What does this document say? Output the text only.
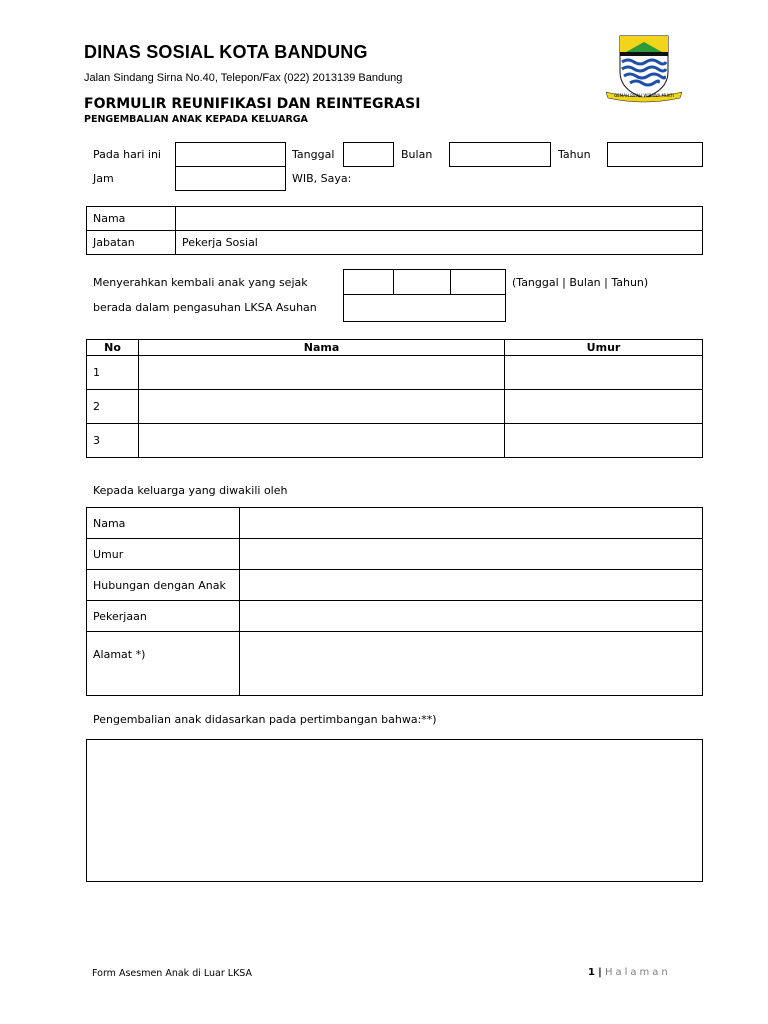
DINAS SOSIAL KOTA BANDUNG
Jalan Sindang Sirna No.40, Telepon/Fax (022) 2013139 Bandung
FORMULIR REUNIFIKASI DAN REINTEGRASI
PENGEMBALIAN ANAK KEPADA KELUARGA
GEMAH RIPAH WIBAWA MUKTI
Pada hari ini	Tanggal	Bulan	Tahun
Jam	WIB, Saya:
Nama	
Jabatan	Pekerja Sosial
Menyerahkan kembali anak yang sejak
berada dalam pengasuhan LKSA Asuhan
(Tanggal | Bulan | Tahun)
No	Nama	Umur
1		
2		
3		
Kepada keluarga yang diwakili oleh
Nama	
Umur	
Hubungan dengan Anak	
Pekerjaan	
Alamat *)	
Pengembalian anak didasarkan pada pertimbangan bahwa:**)
Form Asesmen Anak di Luar LKSA	1 | Halaman
